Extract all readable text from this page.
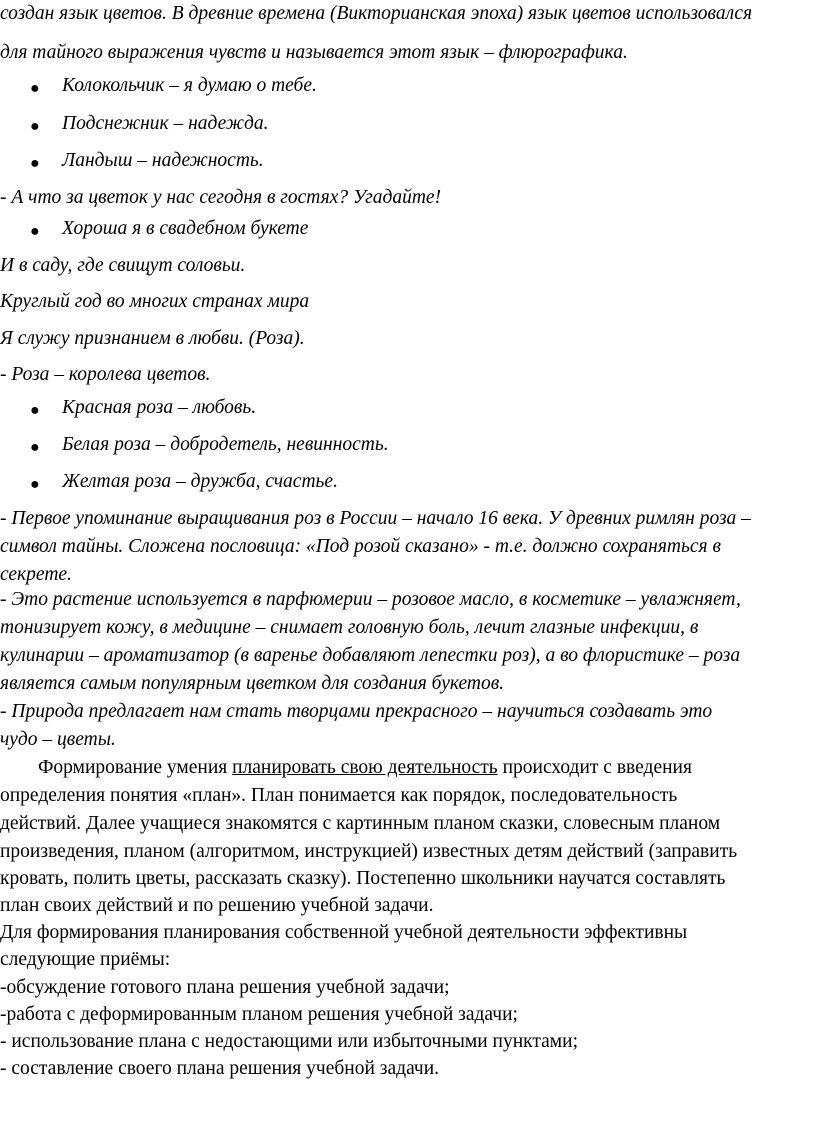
создан язык цветов. В древние времена (Викторианская эпоха) язык цветов использовался

для тайного выражения чувств и называется этот язык – флюрографика.

● Колокольчик – я думаю о тебе.

● Подснежник – надежда.

● Ландыш – надежность.

- А что за цветок у нас сегодня в гостях? Угадайте!

● Хороша я в свадебном букете

И в саду, где свищут соловьи.

Круглый год во многих странах мира

Я служу признанием в любви. (Роза).

- Роза – королева цветов.

● Красная роза – любовь.

● Белая роза – добродетель, невинность.

● Желтая роза – дружба, счастье.

- Первое упоминание выращивания роз в России – начало 16 века. У древних римлян роза –

символ тайны. Сложена пословица: «Под розой сказано» - т.е. должно сохраняться в

секрете.

- Это растение используется в парфюмерии – розовое масло, в косметике – увлажняет,

тонизирует кожу, в медицине – снимает головную боль, лечит глазные инфекции, в

кулинарии – ароматизатор (в варенье добавляют лепестки роз), а во флористике – роза

является самым популярным цветком для создания букетов.

- Природа предлагает нам стать творцами прекрасного – научиться создавать это

чудо – цветы.

Формирование умения планировать свою деятельность происходит с введения

определения понятия «план». План понимается как порядок, последовательность

действий. Далее учащиеся знакомятся с картинным планом сказки, словесным планом

произведения, планом (алгоритмом, инструкцией) известных детям действий (заправить

кровать, полить цветы, рассказать сказку). Постепенно школьники научатся составлять

план своих действий и по решению учебной задачи.

Для формирования планирования собственной учебной деятельности эффективны

следующие приёмы:

-обсуждение готового плана решения учебной задачи;

-работа с деформированным планом решения учебной задачи;

- использование плана с недостающими или избыточными пунктами;

- составление своего плана решения учебной задачи.
